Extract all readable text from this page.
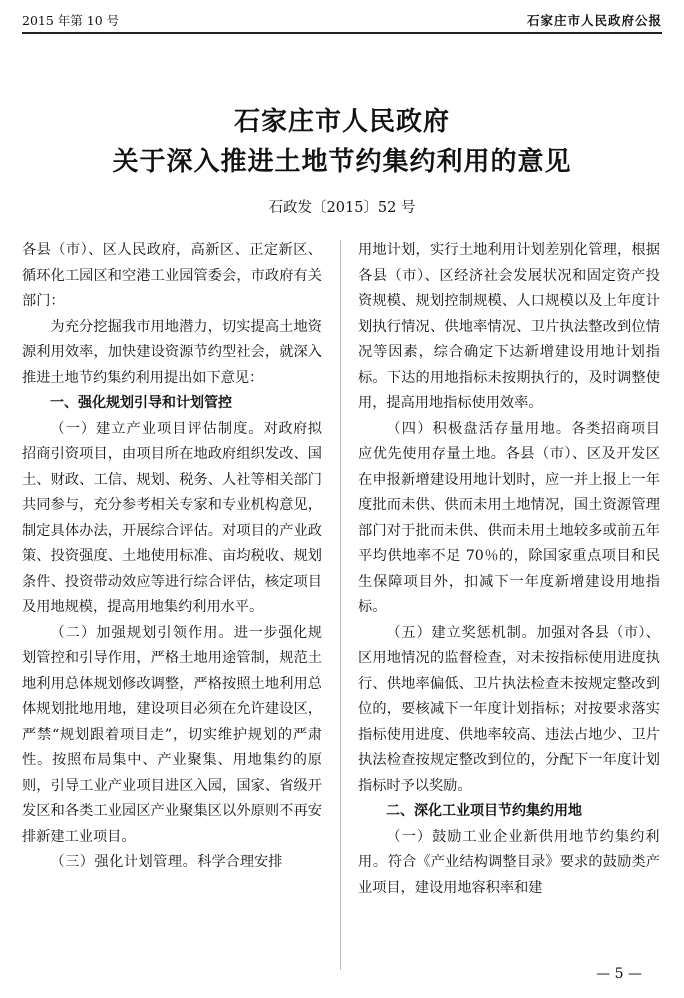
2015 年第 10 号	石家庄市人民政府公报
石家庄市人民政府
关于深入推进土地节约集约利用的意见
石政发〔2015〕52 号

各县（市）、区人民政府，高新区、正定新区、循环化工园区和空港工业园管委会，市政府有关部门：

为充分挖掘我市用地潜力，切实提高土地资源利用效率，加快建设资源节约型社会，就深入推进土地节约集约利用提出如下意见：

一、强化规划引导和计划管控

（一）建立产业项目评估制度。对政府拟招商引资项目，由项目所在地政府组织发改、国土、财政、工信、规划、税务、人社等相关部门共同参与，充分参考相关专家和专业机构意见，制定具体办法，开展综合评估。对项目的产业政策、投资强度、土地使用标准、亩均税收、规划条件、投资带动效应等进行综合评估，核定项目及用地规模，提高用地集约利用水平。

（二）加强规划引领作用。进一步强化规划管控和引导作用，严格土地用途管制，规范土地利用总体规划修改调整，严格按照土地利用总体规划批地用地，建设项目必须在允许建设区，严禁“规划跟着项目走”，切实维护规划的严肃性。按照布局集中、产业聚集、用地集约的原则，引导工业产业项目进区入园，国家、省级开发区和各类工业园区产业聚集区以外原则不再安排新建工业项目。

（三）强化计划管理。科学合理安排

用地计划，实行土地利用计划差别化管理，根据各县（市）、区经济社会发展状况和固定资产投资规模、规划控制规模、人口规模以及上年度计划执行情况、供地率情况、卫片执法整改到位情况等因素，综合确定下达新增建设用地计划指标。下达的用地指标未按期执行的，及时调整使用，提高用地指标使用效率。

（四）积极盘活存量用地。各类招商项目应优先使用存量土地。各县（市）、区及开发区在申报新增建设用地计划时，应一并上报上一年度批而未供、供而未用土地情况，国土资源管理部门对于批而未供、供而未用土地较多或前五年平均供地率不足 70％的，除国家重点项目和民生保障项目外，扣减下一年度新增建设用地指标。

（五）建立奖惩机制。加强对各县（市）、区用地情况的监督检查，对未按指标使用进度执行、供地率偏低、卫片执法检查未按规定整改到位的，要核减下一年度计划指标；对按要求落实指标使用进度、供地率较高、违法占地少、卫片执法检查按规定整改到位的，分配下一年度计划指标时予以奖励。

二、深化工业项目节约集约用地

（一）鼓励工业企业新供用地节约集约利用。符合《产业结构调整目录》要求的鼓励类产业项目，建设用地容积率和建

— 5 —
